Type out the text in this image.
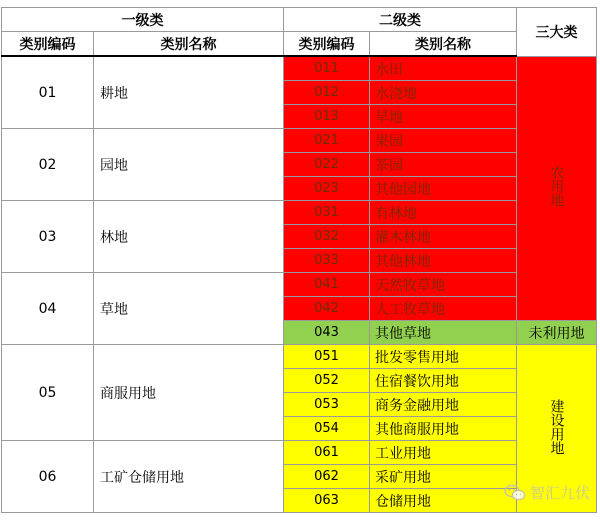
一级类		二级类		三大类
类别编码	类别名称	类别编码	类别名称	
01	耕地	011	水田	农用地
		012	水浇地	
		013	旱地	
02	园地	021	果园	
		022	茶园	
		023	其他园地	
03	林地	031	有林地	
		032	灌木林地	
		033	其他林地	
04	草地	041	天然牧草地	
		042	人工牧草地	
		043	其他草地	未利用地
05	商服用地	051	批发零售用地	建设用地
		052	住宿餐饮用地	
		053	商务金融用地	
		054	其他商服用地	
06	工矿仓储用地	061	工业用地	
		062	采矿用地	
		063	仓储用地		智汇九伏
